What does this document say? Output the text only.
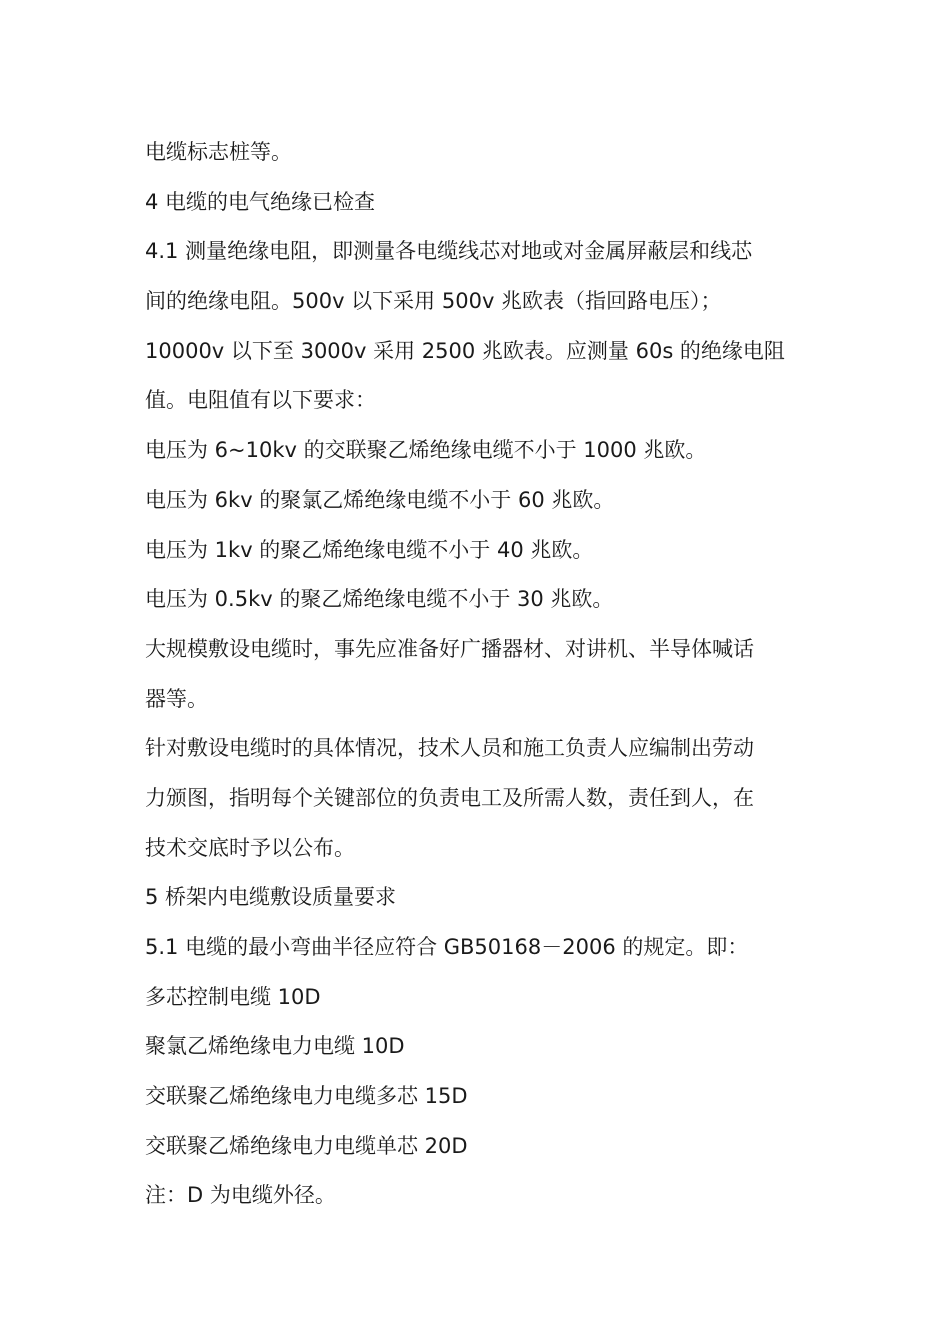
电缆标志桩等。
4 电缆的电气绝缘已检查
4.1 测量绝缘电阻，即测量各电缆线芯对地或对金属屏蔽层和线芯
间的绝缘电阻。500v 以下采用 500v 兆欧表（指回路电压）；
10000v 以下至 3000v 采用 2500 兆欧表。应测量 60s 的绝缘电阻
值。电阻值有以下要求：
电压为 6~10kv 的交联聚乙烯绝缘电缆不小于 1000 兆欧。
电压为 6kv 的聚氯乙烯绝缘电缆不小于 60 兆欧。
电压为 1kv 的聚乙烯绝缘电缆不小于 40 兆欧。
电压为 0.5kv 的聚乙烯绝缘电缆不小于 30 兆欧。
大规模敷设电缆时，事先应准备好广播器材、对讲机、半导体喊话
器等。
针对敷设电缆时的具体情况，技术人员和施工负责人应编制出劳动
力颁图，指明每个关键部位的负责电工及所需人数，责任到人，在
技术交底时予以公布。
5 桥架内电缆敷设质量要求
5.1 电缆的最小弯曲半径应符合 GB50168－2006 的规定。即：
多芯控制电缆 10D
聚氯乙烯绝缘电力电缆 10D
交联聚乙烯绝缘电力电缆多芯 15D
交联聚乙烯绝缘电力电缆单芯 20D
注：D 为电缆外径。
